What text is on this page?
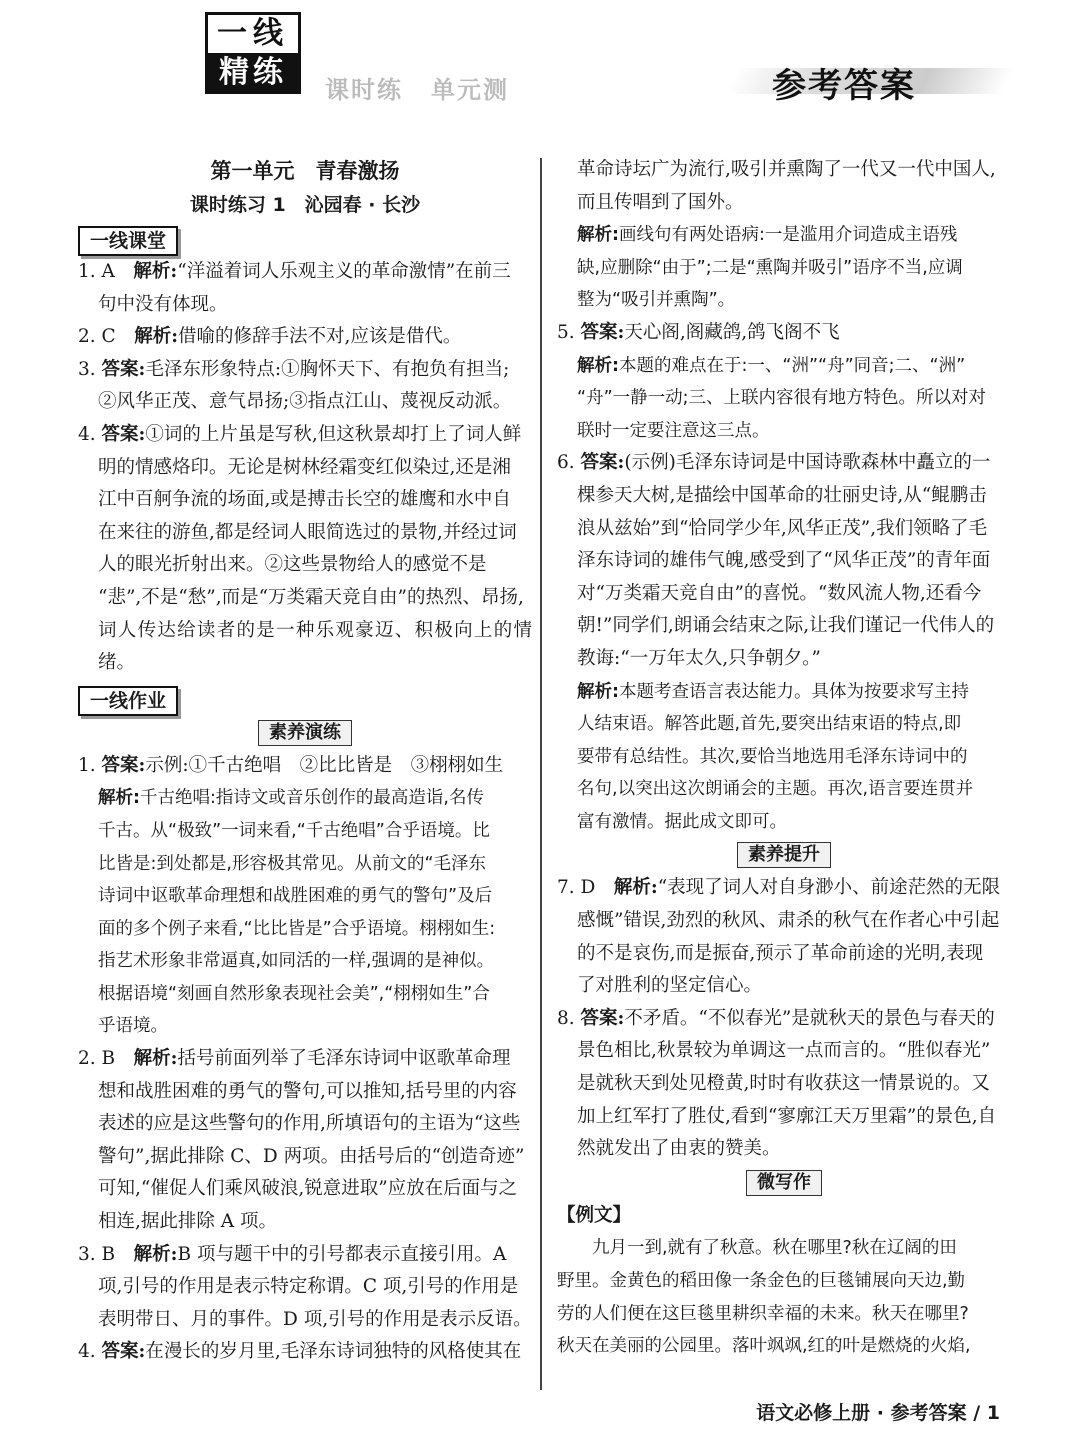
一线
精练	课时练 单元测	参考答案
第一单元　青春激扬
课时练习 1　沁园春 · 长沙
一线课堂
1. A　解析:“洋溢着词人乐观主义的革命激情”在前三
句中没有体现。
2. C　解析:借喻的修辞手法不对,应该是借代。
3. 答案:毛泽东形象特点:①胸怀天下、有抱负有担当;
②风华正茂、意气昂扬;③指点江山、蔑视反动派。
4. 答案:①词的上片虽是写秋,但这秋景却打上了词人鲜
明的情感烙印。无论是树林经霜变红似染过,还是湘
江中百舸争流的场面,或是搏击长空的雄鹰和水中自
在来往的游鱼,都是经词人眼简选过的景物,并经过词
人的眼光折射出来。②这些景物给人的感觉不是
“悲”,不是“愁”,而是“万类霜天竞自由”的热烈、昂扬,
词人传达给读者的是一种乐观豪迈、积极向上的情绪。
一线作业
素养演练
1. 答案:示例:①千古绝唱　②比比皆是　③栩栩如生
解析:千古绝唱:指诗文或音乐创作的最高造诣,名传
千古。从“极致”一词来看,“千古绝唱”合乎语境。比
比皆是:到处都是,形容极其常见。从前文的“毛泽东
诗词中讴歌革命理想和战胜困难的勇气的警句”及后
面的多个例子来看,“比比皆是”合乎语境。栩栩如生:
指艺术形象非常逼真,如同活的一样,强调的是神似。
根据语境“刻画自然形象表现社会美”,“栩栩如生”合
乎语境。
2. B　解析:括号前面列举了毛泽东诗词中讴歌革命理
想和战胜困难的勇气的警句,可以推知,括号里的内容
表述的应是这些警句的作用,所填语句的主语为“这些
警句”,据此排除 C、D 两项。由括号后的“创造奇迹”
可知,“催促人们乘风破浪,锐意进取”应放在后面与之
相连,据此排除 A 项。
3. B　解析:B 项与题干中的引号都表示直接引用。A
项,引号的作用是表示特定称谓。C 项,引号的作用是
表明带日、月的事件。D 项,引号的作用是表示反语。
4. 答案:在漫长的岁月里,毛泽东诗词独特的风格使其在
革命诗坛广为流行,吸引并熏陶了一代又一代中国人,
而且传唱到了国外。
解析:画线句有两处语病:一是滥用介词造成主语残
缺,应删除“由于”;二是“熏陶并吸引”语序不当,应调
整为“吸引并熏陶”。
5. 答案:天心阁,阁藏鸽,鸽飞阁不飞
解析:本题的难点在于:一、“洲”“舟”同音;二、“洲”
“舟”一静一动;三、上联内容很有地方特色。所以对对
联时一定要注意这三点。
6. 答案:(示例)毛泽东诗词是中国诗歌森林中矗立的一
棵参天大树,是描绘中国革命的壮丽史诗,从“鲲鹏击
浪从兹始”到“恰同学少年,风华正茂”,我们领略了毛
泽东诗词的雄伟气魄,感受到了“风华正茂”的青年面
对“万类霜天竞自由”的喜悦。“数风流人物,还看今
朝!”同学们,朗诵会结束之际,让我们谨记一代伟人的
教诲:“一万年太久,只争朝夕。”
解析:本题考查语言表达能力。具体为按要求写主持
人结束语。解答此题,首先,要突出结束语的特点,即
要带有总结性。其次,要恰当地选用毛泽东诗词中的
名句,以突出这次朗诵会的主题。再次,语言要连贯并
富有激情。据此成文即可。
素养提升
7. D　解析:“表现了词人对自身渺小、前途茫然的无限
感慨”错误,劲烈的秋风、肃杀的秋气在作者心中引起
的不是哀伤,而是振奋,预示了革命前途的光明,表现
了对胜利的坚定信心。
8. 答案:不矛盾。“不似春光”是就秋天的景色与春天的
景色相比,秋景较为单调这一点而言的。“胜似春光”
是就秋天到处见橙黄,时时有收获这一情景说的。又
加上红军打了胜仗,看到“寥廓江天万里霜”的景色,自
然就发出了由衷的赞美。
微写作
【例文】
　　九月一到,就有了秋意。秋在哪里?秋在辽阔的田
野里。金黄色的稻田像一条金色的巨毯铺展向天边,勤
劳的人们便在这巨毯里耕织幸福的未来。秋天在哪里?
秋天在美丽的公园里。落叶飒飒,红的叶是燃烧的火焰,
语文必修上册 · 参考答案 / 1
